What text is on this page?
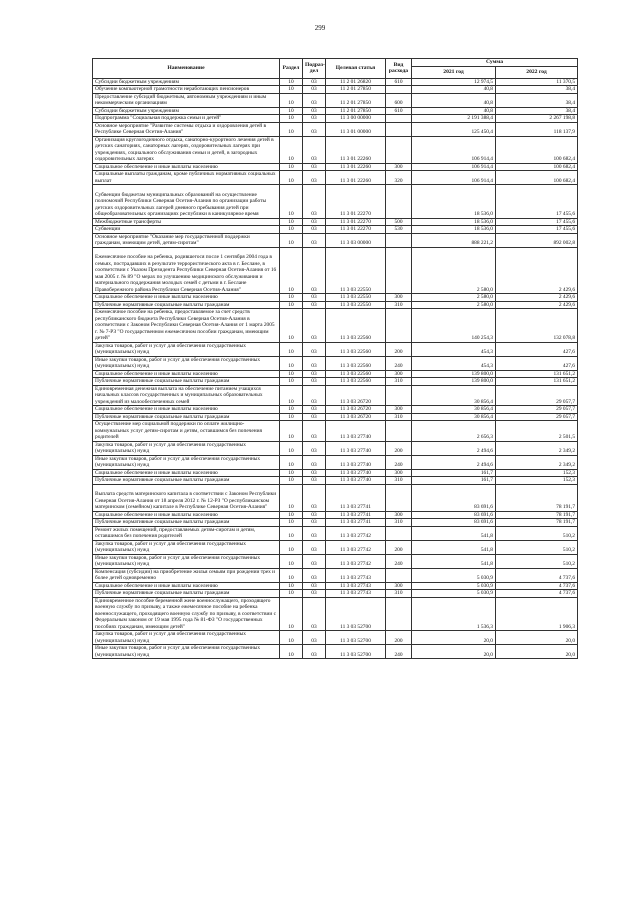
299
Наименование	Раздел	Подраз-дел	Целевая статья	Вид расхода	Сумма	
					2021 год	2022 год
Субсидии бюджетным учреждениям	10	03	11 2 01 26820	610	12 974,5	11 370,5
Обучение компьютерной грамотности неработающих пенсионеров	10	03	11 2 01 27850		40,8	38,4
Предоставление субсидий бюджетным, автономным учреждениям и иным некоммерческим организациям	10	03	11 2 01 27850	600	40,8	38,4
Субсидии бюджетным учреждениям	10	03	11 2 01 27850	610	40,8	38,4
Подпрограмма "Социальная поддержка семьи и детей"	10	03	11 3 00 00000		2 191 388,4	2 267 198,8
Основное мероприятие "Развитие системы отдыха и оздоровления детей в Республике Северная Осетия-Алания"	10	03	11 3 01 00000		125 450,4	118 137,9
Организация круглогодичного отдыха, санаторно-курортного лечения детей в детских санаториях, санаторных лагерях, оздоровительных лагерях при учреждениях, социального обслуживания семьи и детей, в загородных оздоровительных лагерях	10	03	11 3 01 22260		106 914,4	100 682,4
Социальное обеспечение и иные выплаты населению	10	03	11 3 01 22260	300	106 914,4	100 682,4
Социальные выплаты гражданам, кроме публичных нормативных социальных выплат	10	03	11 3 01 22260	320	106 914,4	100 682,4
Субвенции бюджетам муниципальных образований на осуществление полномочий Республики Северная Осетия-Алания по организации работы детских оздоровительных лагерей дневного пребывания детей при общеобразовательных организациях республики в каникулярное время	10	03	11 3 01 22270		18 536,0	17 455,6
Межбюджетные трансферты	10	03	11 3 01 22270	500	18 536,0	17 455,6
Субвенции	10	03	11 3 01 22270	530	18 536,0	17 455,6
Основное мероприятие "Оказание мер государственной поддержки гражданам, имеющим детей, детям-сиротам"	10	03	11 3 03 00000		888 221,2	892 002,8
Ежемесячное пособие на ребенка, родившегося после 1 сентября 2004 года в семьях, пострадавших в результате террористического акта в г. Беслане, в соответствии с Указом Президента Республики Северная Осетия-Алания от 16 мая 2005 г. № 89 "О мерах по улучшению медицинского обслуживания и материального поддержания молодых семей с детьми в г. Беслане Правобережного района Республики Северная Осетия-Алания"	10	03	11 3 03 22550		2 580,0	2 429,6
Социальное обеспечение и иные выплаты населению	10	03	11 3 03 22550	300	2 580,0	2 429,6
Публичные нормативные социальные выплаты гражданам	10	03	11 3 03 22550	310	2 580,0	2 429,6
Ежемесячное пособие на ребенка, предоставляемое за счет средств республиканского бюджета Республики Северная Осетия-Алания в соответствии с Законом Республики Северная Осетия-Алания от 1 марта 2005 г. № 7-РЗ "О государственном ежемесячном пособии гражданам, имеющим детей"	10	03	11 3 03 22560		140 254,3	132 078,8
Закупка товаров, работ и услуг для обеспечения государственных (муниципальных) нужд	10	03	11 3 03 22560	200	454,3	427,6
Иные закупки товаров, работ и услуг для обеспечения государственных (муниципальных) нужд	10	03	11 3 03 22560	240	454,3	427,6
Социальное обеспечение и иные выплаты населению	10	03	11 3 03 22560	300	139 800,0	131 651,2
Публичные нормативные социальные выплаты гражданам	10	03	11 3 03 22560	310	139 800,0	131 651,2
Единовременная денежная выплата на обеспечение питанием учащихся начальных классов государственных и муниципальных образовательных учреждений из малообеспеченных семей	10	03	11 3 03 26720		30 856,4	29 057,7
Социальное обеспечение и иные выплаты населению	10	03	11 3 03 26720	300	30 856,4	29 057,7
Публичные нормативные социальные выплаты гражданам	10	03	11 3 03 26720	310	30 856,4	29 057,7
Осуществление мер социальной поддержки по оплате жилищно-коммунальных услуг детям-сиротам и детям, оставшимся без попечения родителей	10	03	11 3 03 27740		2 656,3	2 501,5
Закупка товаров, работ и услуг для обеспечения государственных (муниципальных) нужд	10	03	11 3 03 27740	200	2 494,6	2 349,2
Иные закупки товаров, работ и услуг для обеспечения государственных (муниципальных) нужд	10	03	11 3 03 27740	240	2 494,6	2 349,2
Социальное обеспечение и иные выплаты населению	10	03	11 3 03 27740	300	161,7	152,3
Публичные нормативные социальные выплаты гражданам	10	03	11 3 03 27740	310	161,7	152,3
Выплата средств материнского капитала в соответствии с Законом Республики Северная Осетия-Алания от 18 апреля 2012 г. № 12-РЗ "О республиканском материнском (семейном) капитале в Республике Северная Осетия-Алания"	10	03	11 3 03 27741		83 691,6	78 191,7
Социальное обеспечение и иные выплаты населению	10	03	11 3 03 27741	300	83 691,6	78 191,7
Публичные нормативные социальные выплаты гражданам	10	03	11 3 03 27741	310	83 691,6	78 191,7
Ремонт жилых помещений, предоставляемых детям-сиротам и детям, оставшимся без попечения родителей	10	03	11 3 03 27742		541,8	510,2
Закупка товаров, работ и услуг для обеспечения государственных (муниципальных) нужд	10	03	11 3 03 27742	200	541,8	510,2
Иные закупки товаров, работ и услуг для обеспечения государственных (муниципальных) нужд	10	03	11 3 03 27742	240	541,8	510,2
Компенсация (субсидии) на приобретение жилья семьям при рождении трех и более детей одновременно	10	03	11 3 03 27743		5 030,9	4 737,6
Социальное обеспечение и иные выплаты населению	10	03	11 3 03 27743	300	5 030,9	4 737,6
Публичные нормативные социальные выплаты гражданам	10	03	11 3 03 27743	310	5 030,9	4 737,6
Единовременное пособие беременной жене военнослужащего, проходящего военную службу по призыву, а также ежемесячное пособие на ребенка военнослужащего, проходящего военную службу по призыву, в соответствии с Федеральным законом от 19 мая 1995 года № 81-ФЗ "О государственных пособиях гражданам, имеющим детей"	10	03	11 3 03 52700		1 536,3	1 906,3
Закупка товаров, работ и услуг для обеспечения государственных (муниципальных) нужд	10	03	11 3 03 52700	200	20,0	20,0
Иные закупки товаров, работ и услуг для обеспечения государственных (муниципальных) нужд	10	03	11 3 03 52700	240	20,0	20,0
